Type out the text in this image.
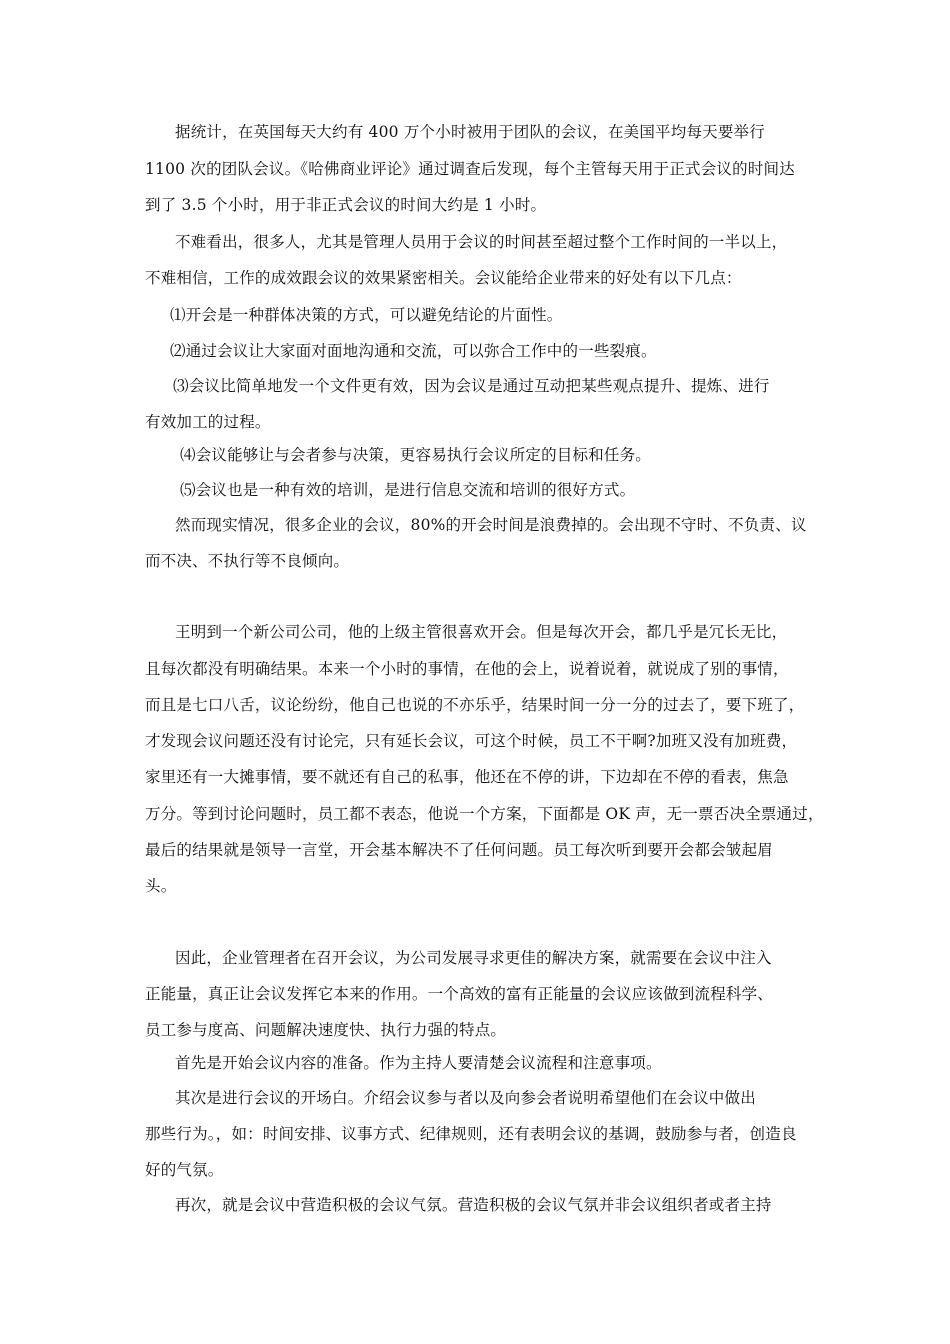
据统计，在英国每天大约有 400 万个小时被用于团队的会议，在美国平均每天要举行
1100 次的团队会议。《哈佛商业评论》通过调查后发现，每个主管每天用于正式会议的时间达
到了 3.5 个小时，用于非正式会议的时间大约是 1 小时。
不难看出，很多人，尤其是管理人员用于会议的时间甚至超过整个工作时间的一半以上，
不难相信，工作的成效跟会议的效果紧密相关。会议能给企业带来的好处有以下几点：
⑴开会是一种群体决策的方式，可以避免结论的片面性。
⑵通过会议让大家面对面地沟通和交流，可以弥合工作中的一些裂痕。
⑶会议比简单地发一个文件更有效，因为会议是通过互动把某些观点提升、提炼、进行
有效加工的过程。
⑷会议能够让与会者参与决策，更容易执行会议所定的目标和任务。
⑸会议也是一种有效的培训，是进行信息交流和培训的很好方式。
然而现实情况，很多企业的会议，80%的开会时间是浪费掉的。会出现不守时、不负责、议
而不决、不执行等不良倾向。
王明到一个新公司公司，他的上级主管很喜欢开会。但是每次开会，都几乎是冗长无比，
且每次都没有明确结果。本来一个小时的事情，在他的会上，说着说着，就说成了别的事情，
而且是七口八舌，议论纷纷，他自己也说的不亦乐乎，结果时间一分一分的过去了，要下班了，
才发现会议问题还没有讨论完，只有延长会议，可这个时候，员工不干啊?加班又没有加班费，
家里还有一大摊事情，要不就还有自己的私事，他还在不停的讲，下边却在不停的看表，焦急
万分。等到讨论问题时，员工都不表态，他说一个方案，下面都是 OK 声，无一票否决全票通过，
最后的结果就是领导一言堂，开会基本解决不了任何问题。员工每次听到要开会都会皱起眉
头。
因此，企业管理者在召开会议，为公司发展寻求更佳的解决方案，就需要在会议中注入
正能量，真正让会议发挥它本来的作用。一个高效的富有正能量的会议应该做到流程科学、
员工参与度高、问题解决速度快、执行力强的特点。
首先是开始会议内容的准备。作为主持人要清楚会议流程和注意事项。
其次是进行会议的开场白。介绍会议参与者以及向参会者说明希望他们在会议中做出
那些行为。，如：时间安排、议事方式、纪律规则，还有表明会议的基调，鼓励参与者，创造良
好的气氛。
再次，就是会议中营造积极的会议气氛。营造积极的会议气氛并非会议组织者或者主持
